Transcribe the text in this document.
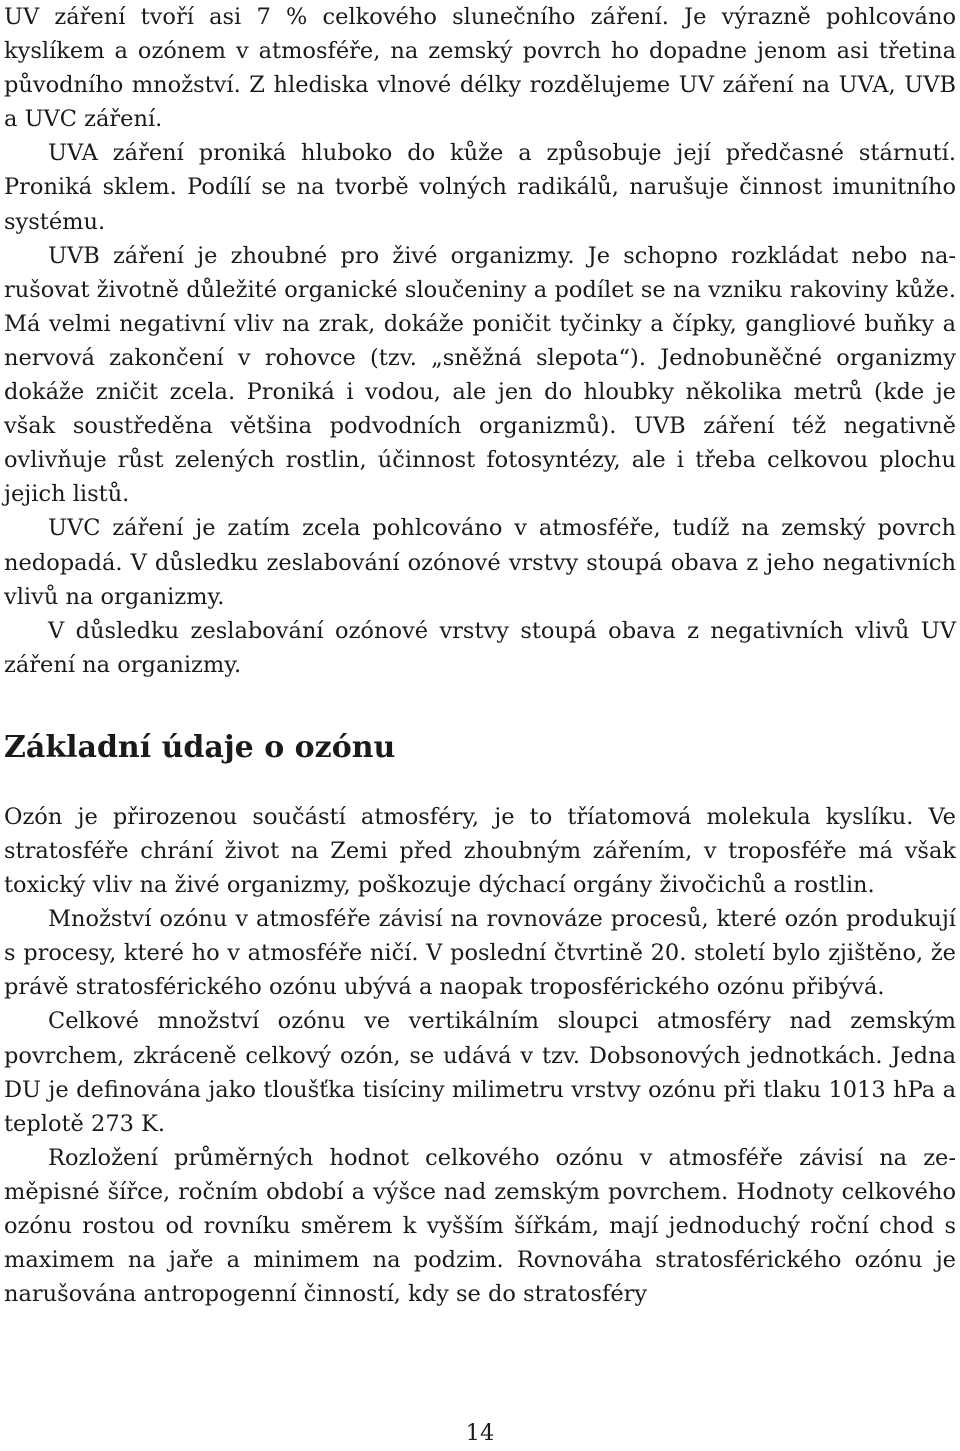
UV záření tvoří asi 7 % celkového slunečního záření. Je výrazně pohlcováno kyslíkem a ozónem v atmosféře, na zemský povrch ho dopadne jenom asi třetina původního množství. Z hlediska vlnové délky rozdělujeme UV záření na UVA, UVB a UVC záření.

UVA záření proniká hluboko do kůže a způsobuje její předčasné stárnutí. Proniká sklem. Podílí se na tvorbě volných radikálů, narušuje činnost imunitního systému.

UVB záření je zhoubné pro živé organizmy. Je schopno rozkládat nebo narušovat životně důležité organické sloučeniny a podílet se na vzniku rakoviny kůže. Má velmi negativní vliv na zrak, dokáže poničit tyčinky a čípky, gangliové buňky a nervová zakončení v rohovce (tzv. „sněžná slepota“). Jednobuněčné organizmy dokáže zničit zcela. Proniká i vodou, ale jen do hloubky několika metrů (kde je však soustředěna většina podvodních organizmů). UVB záření též negativně ovlivňuje růst zelených rostlin, účinnost fotosyntézy, ale i třeba celkovou plochu jejich listů.

UVC záření je zatím zcela pohlcováno v atmosféře, tudíž na zemský povrch nedopadá. V důsledku zeslabování ozónové vrstvy stoupá obava z jeho negativních vlivů na organizmy.

V důsledku zeslabování ozónové vrstvy stoupá obava z negativních vlivů UV záření na organizmy.

Základní údaje o ozónu

Ozón je přirozenou součástí atmosféry, je to tříatomová molekula kyslíku. Ve stratosféře chrání život na Zemi před zhoubným zářením, v troposféře má však toxický vliv na živé organizmy, poškozuje dýchací orgány živočichů a rostlin.

Množství ozónu v atmosféře závisí na rovnováze procesů, které ozón produkují s procesy, které ho v atmosféře ničí. V poslední čtvrtině 20. století bylo zjištěno, že právě stratosférického ozónu ubývá a naopak troposférického ozónu přibývá.

Celkové množství ozónu ve vertikálním sloupci atmosféry nad zemským povrchem, zkráceně celkový ozón, se udává v tzv. Dobsonových jednotkách. Jedna DU je definována jako tloušťka tisíciny milimetru vrstvy ozónu při tlaku 1013 hPa a teplotě 273 K.

Rozložení průměrných hodnot celkového ozónu v atmosféře závisí na zeměpisné šířce, ročním období a výšce nad zemským povrchem. Hodnoty celkového ozónu rostou od rovníku směrem k vyšším šířkám, mají jednoduchý roční chod s maximem na jaře a minimem na podzim. Rovnováha stratosférického ozónu je narušována antropogenní činností, kdy se do stratosféry

14
